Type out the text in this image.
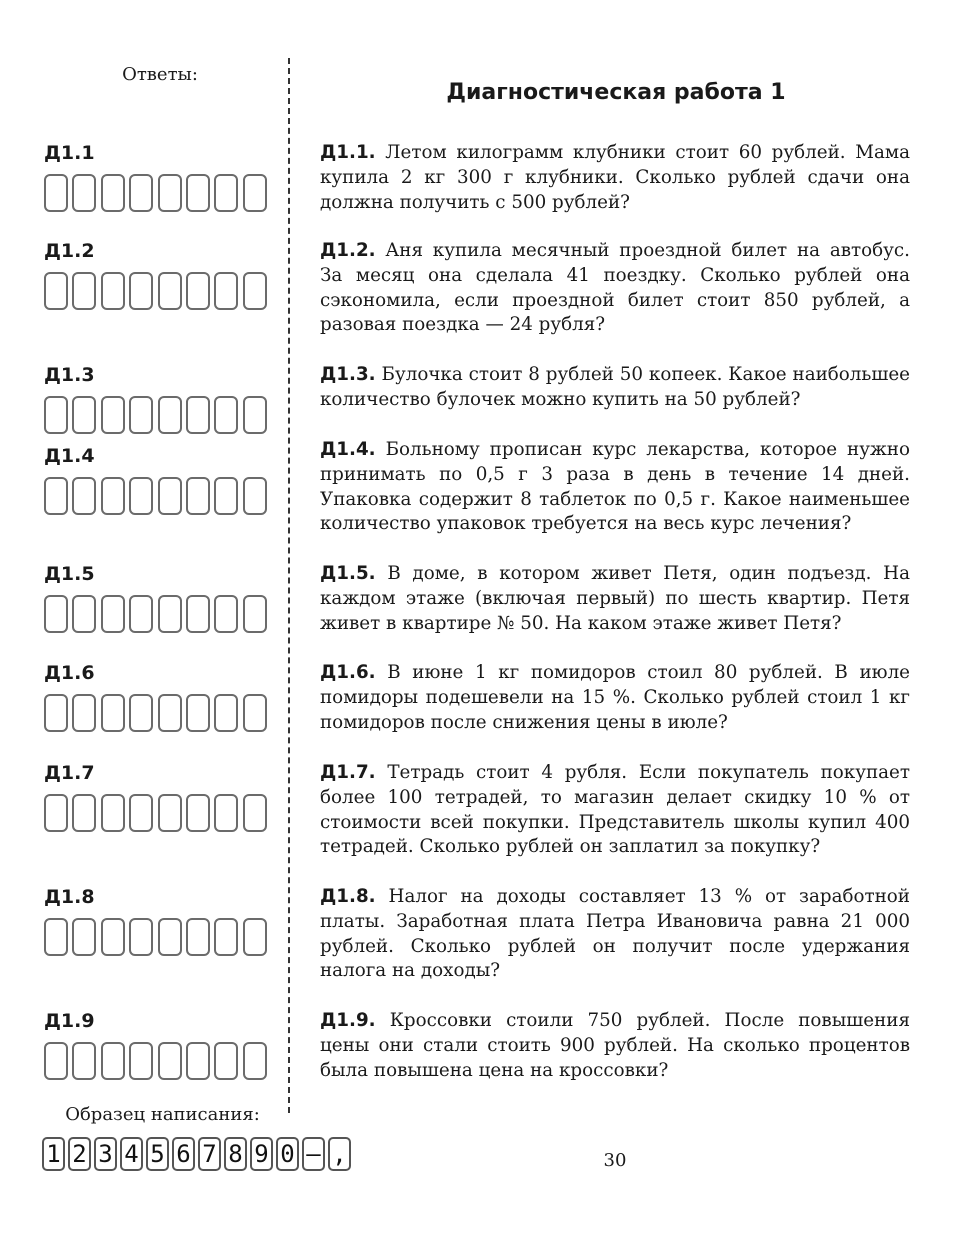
Ответы:
Диагностическая работа 1
Д1.1
Д1.2
Д1.3
Д1.4
Д1.5
Д1.6
Д1.7
Д1.8
Д1.9
Д1.1. Летом килограмм клубники стоит 60 рублей. Мама купила 2 кг 300 г клубники. Сколько рублей сдачи она должна получить с 500 рублей?
Д1.2. Аня купила месячный проездной билет на автобус. За месяц она сделала 41 поездку. Сколько рублей она сэкономила, если проездной билет стоит 850 рублей, а разовая поездка — 24 рубля?
Д1.3. Булочка стоит 8 рублей 50 копеек. Какое наибольшее количество булочек можно купить на 50 рублей?
Д1.4. Больному прописан курс лекарства, которое нужно принимать по 0,5 г 3 раза в день в течение 14 дней. Упаковка содержит 8 таблеток по 0,5 г. Какое наименьшее количество упаковок требуется на весь курс лечения?
Д1.5. В доме, в котором живет Петя, один подъезд. На каждом этаже (включая первый) по шесть квартир. Петя живет в квартире № 50. На каком этаже живет Петя?
Д1.6. В июне 1 кг помидоров стоил 80 рублей. В июле помидоры подешевели на 15 %. Сколько рублей стоил 1 кг помидоров после снижения цены в июле?
Д1.7. Тетрадь стоит 4 рубля. Если покупатель покупает более 100 тетрадей, то магазин делает скидку 10 % от стоимости всей покупки. Представитель школы купил 400 тетрадей. Сколько рублей он заплатил за покупку?
Д1.8. Налог на доходы составляет 13 % от заработной платы. Заработная плата Петра Ивановича равна 21 000 рублей. Сколько рублей он получит после удержания налога на доходы?
Д1.9. Кроссовки стоили 750 рублей. После повышения цены они стали стоить 900 рублей. На сколько процентов была повышена цена на кроссовки?
Образец написания:
1 2 3 4 5 6 7 8 9 0 – ,	30
